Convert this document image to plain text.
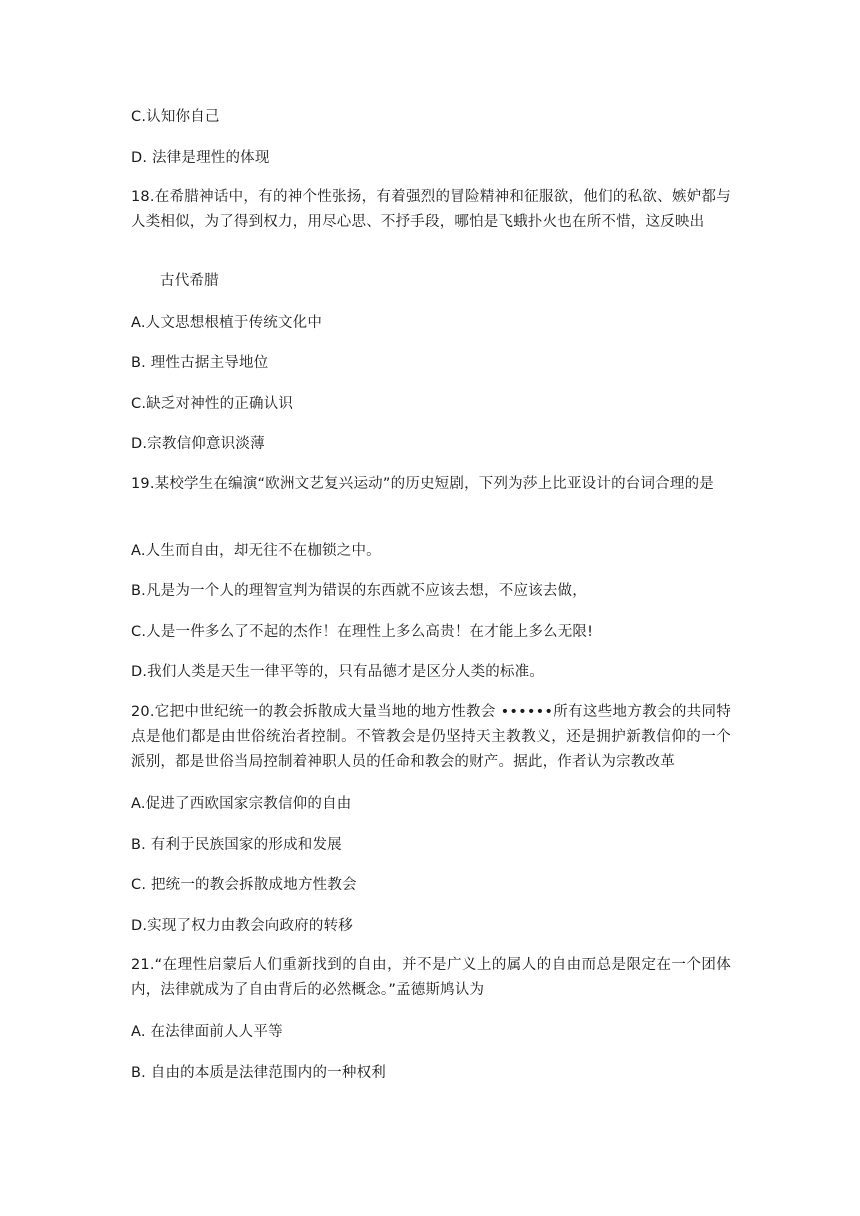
C.认知你自己
D. 法律是理性的体现
18.在希腊神话中，有的神个性张扬，有着强烈的冒险精神和征服欲，他们的私欲、嫉妒都与人类相似，为了得到权力，用尽心思、不抒手段，哪怕是飞蛾扑火也在所不惜，这反映出
古代希腊
A.人文思想根植于传统文化中
B. 理性古据主导地位
C.缺乏对神性的正确认识
D.宗教信仰意识淡薄
19.某校学生在编演“欧洲文艺复兴运动”的历史短剧，下列为莎上比亚设计的台词合理的是
A.人生而自由，却无往不在枷锁之中。
B.凡是为一个人的理智宣判为错误的东西就不应该去想，不应该去做，
C.人是一件多么了不起的杰作！在理性上多么高贵！在才能上多么无限!
D.我们人类是天生一律平等的，只有品德才是区分人类的标准。
20.它把中世纪统一的教会拆散成大量当地的地方性教会 ••••••所有这些地方教会的共同特点是他们都是由世俗统治者控制。不管教会是仍坚持天主教教义，还是拥护新教信仰的一个派别，都是世俗当局控制着神职人员的任命和教会的财产。据此，作者认为宗教改革
A.促进了西欧国家宗教信仰的自由
B. 有利于民族国家的形成和发展
C. 把统一的教会拆散成地方性教会
D.实现了权力由教会向政府的转移
21.“在理性启蒙后人们重新找到的自由，并不是广义上的属人的自由而总是限定在一个团体内，法律就成为了自由背后的必然概念。”孟德斯鸠认为
A. 在法律面前人人平等
B. 自由的本质是法律范围内的一种权利
